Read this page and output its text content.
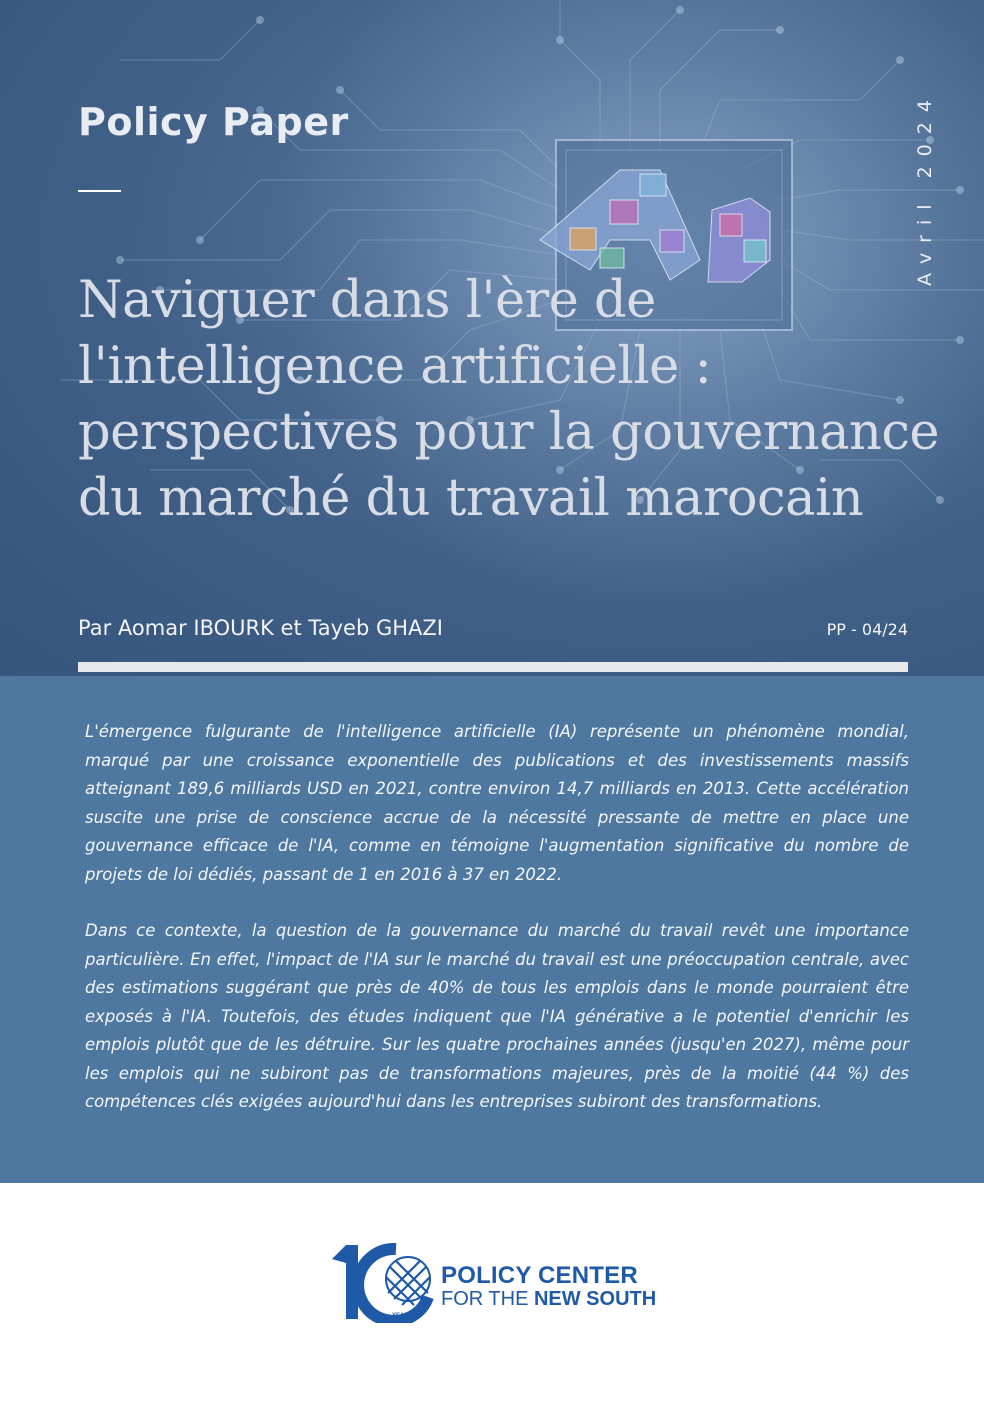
Policy Paper
Naviguer dans l'ère de
l'intelligence artificielle :
perspectives pour la gouvernance
du marché du travail marocain
Avril 2024
Par Aomar IBOURK et Tayeb GHAZI	PP - 04/24

L'émergence fulgurante de l'intelligence artificielle (IA) représente un phénomène mondial, marqué par une croissance exponentielle des publications et des investissements massifs atteignant 189,6 milliards USD en 2021, contre environ 14,7 milliards en 2013. Cette accélération suscite une prise de conscience accrue de la nécessité pressante de mettre en place une gouvernance efficace de l'IA, comme en témoigne l'augmentation significative du nombre de projets de loi dédiés, passant de 1 en 2016 à 37 en 2022.

Dans ce contexte, la question de la gouvernance du marché du travail revêt une importance particulière. En effet, l'impact de l'IA sur le marché du travail est une préoccupation centrale, avec des estimations suggérant que près de 40% de tous les emplois dans le monde pourraient être exposés à l'IA. Toutefois, des études indiquent que l'IA générative a le potentiel d'enrichir les emplois plutôt que de les détruire. Sur les quatre prochaines années (jusqu'en 2027), même pour les emplois qui ne subiront pas de transformations majeures, près de la moitié (44 %) des compétences clés exigées aujourd'hui dans les entreprises subiront des transformations.

YEARS
POLICY CENTER
FOR THE NEW SOUTH
